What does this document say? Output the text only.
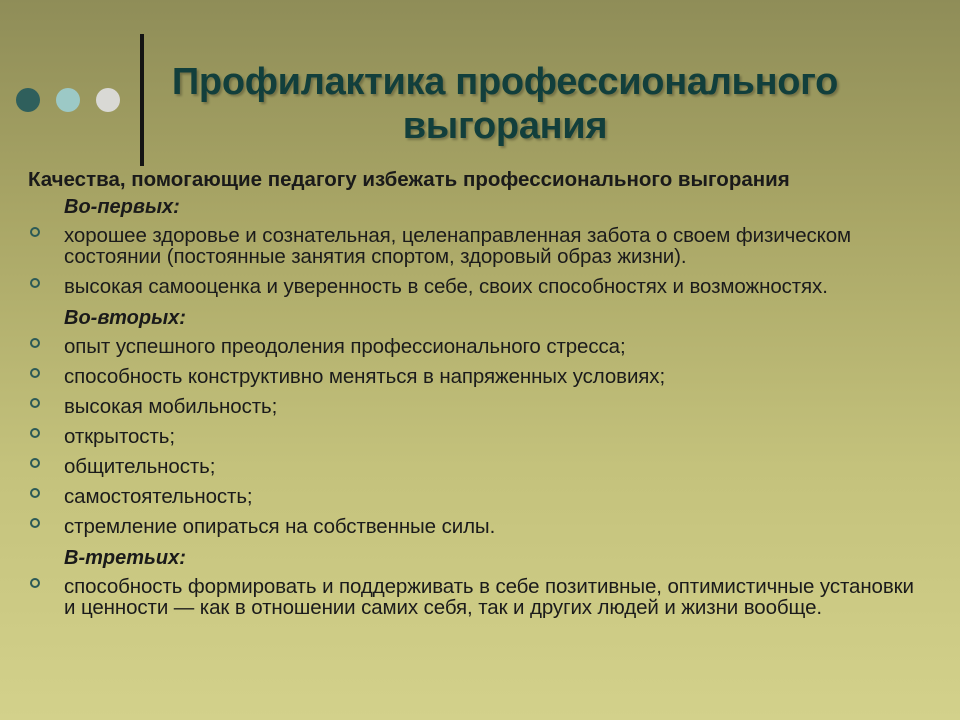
Профилактика профессионального выгорания
Качества, помогающие педагогу избежать профессионального выгорания
Во-первых:
хорошее здоровье и сознательная, целенаправленная забота о своем физическом состоянии (постоянные занятия спортом, здоровый образ жизни).
высокая самооценка и уверенность в себе, своих способностях и возможностях.
Во-вторых:
опыт успешного преодоления профессионального стресса;
способность конструктивно меняться в напряженных условиях;
высокая мобильность;
открытость;
общительность;
самостоятельность;
стремление опираться на собственные силы.
В-третьих:
способность формировать и поддерживать в себе позитивные, оптимистичные установки и ценности — как в отношении самих себя, так и других людей и жизни вообще.
